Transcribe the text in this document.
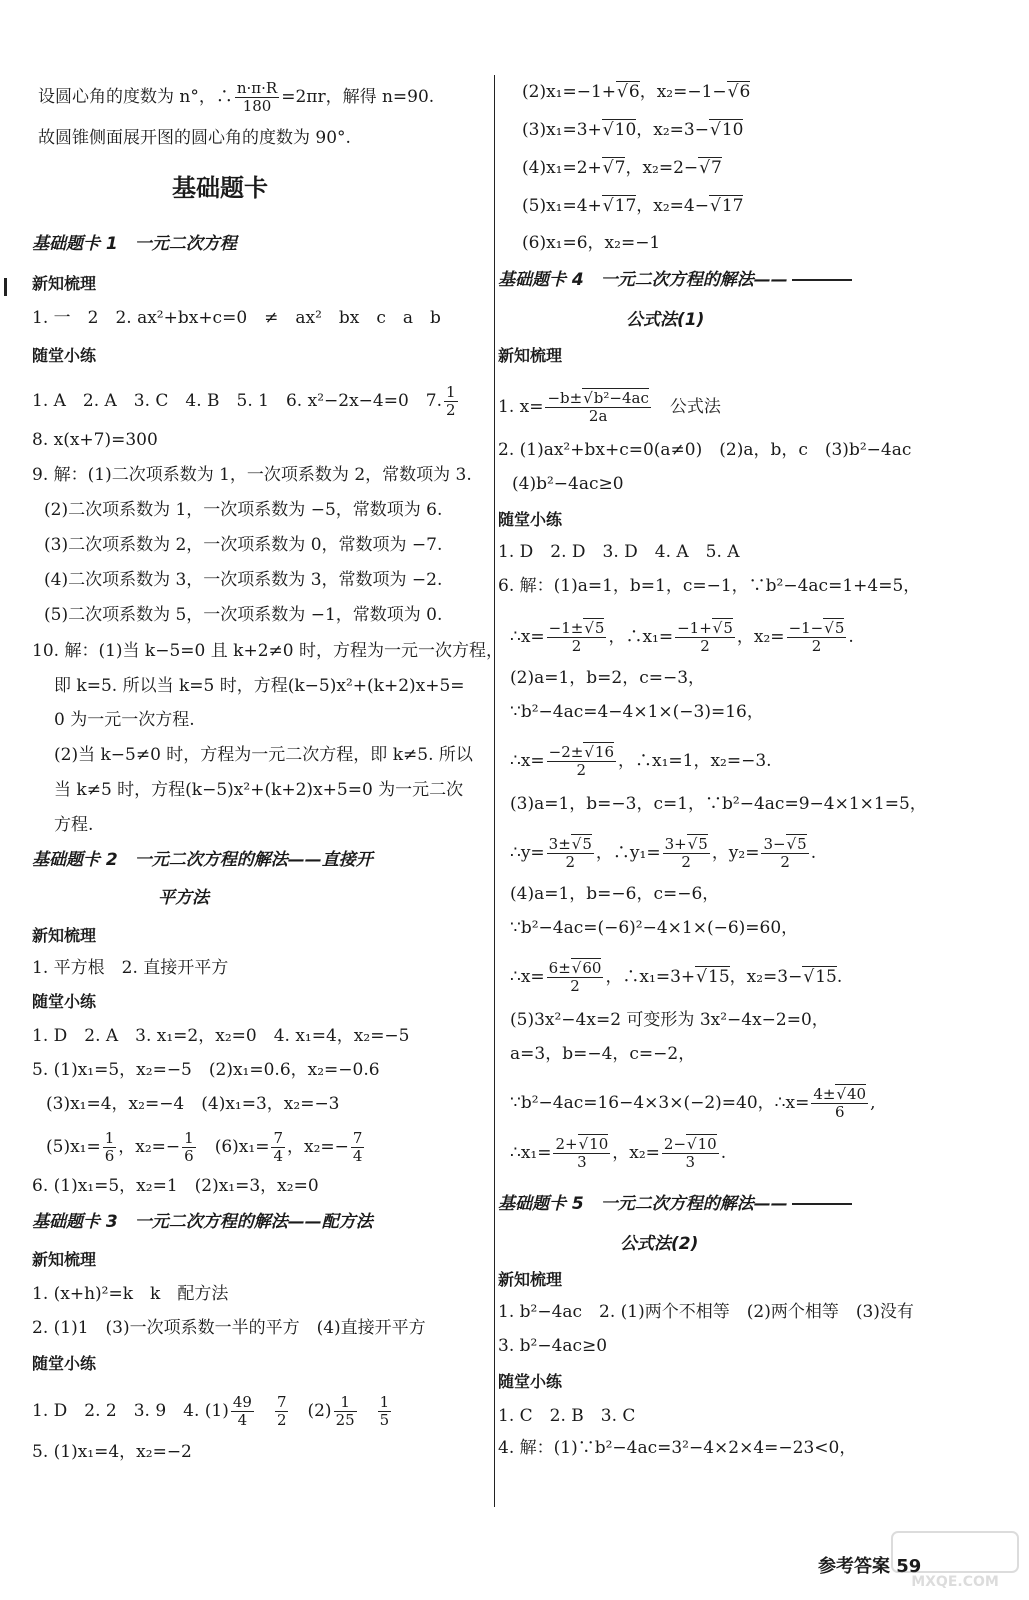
设圆心角的度数为 n°，∴ $\frac{n\cdot\pi\cdot R}{180} =2\pi r$，解得 n=90.
故圆锥侧面展开图的圆心角的度数为 90°.
基础题卡
基础题卡 1　一元二次方程
新知梳理
1. 一　2　2. ax²+bx+c=0　≠　ax²　bx　c　a　b
随堂小练
1. A　2. A　3. C　4. B　5. 1　6. x²−2x−4=0　7. $\frac{1}{2}$
8. x(x+7)=300
9. 解：(1)二次项系数为 1，一次项系数为 2，常数项为 3.
(2)二次项系数为 1，一次项系数为 −5，常数项为 6.
(3)二次项系数为 2，一次项系数为 0，常数项为 −7.
(4)二次项系数为 3，一次项系数为 3，常数项为 −2.
(5)二次项系数为 5，一次项系数为 −1，常数项为 0.
10. 解：(1)当 k−5=0 且 k+2≠0 时，方程为一元一次方程，
即 k=5. 所以当 k=5 时，方程(k−5)x²+(k+2)x+5=
0 为一元一次方程.
(2)当 k−5≠0 时，方程为一元二次方程，即 k≠5. 所以
当 k≠5 时，方程(k−5)x²+(k+2)x+5=0 为一元二次
方程.
基础题卡 2　一元二次方程的解法——直接开
平方法
新知梳理
1. 平方根　2. 直接开平方
随堂小练
1. D　2. A　3. x₁=2，x₂=0　4. x₁=4，x₂=−5
5. (1)x₁=5，x₂=−5　(2)x₁=0.6，x₂=−0.6
(3)x₁=4，x₂=−4　(4)x₁=3，x₂=−3
$(5)x_1= \frac{1}{6}$ ，$x_2=- \frac{1}{6}$ 　$(6)x_1= \frac{7}{4}$ ，$x_2=- \frac{7}{4}$
6. (1)x₁=5，x₂=1　(2)x₁=3，x₂=0
基础题卡 3　一元二次方程的解法——配方法
新知梳理
1. (x+h)²=k　k　配方法
2. (1)1　(3)一次项系数一半的平方　(4)直接开平方
随堂小练
1. D　2. 2　3. 9　4. $(1) \frac{49}{4}$
　 $\frac{7}{2}$ 　$(2) \frac{1}{25}$
　 $\frac{1}{5}$
5. (1)x₁=4，x₂=−2
(2)x₁=−1+ √ 6，x₂=−1− √ 6
(3)x₁=3+ √ 10，x₂=3− √ 10
(4)x₁=2+ √ 7，x₂=2− √ 7
(5)x₁=4+ √ 17，x₂=4− √ 17
(6)x₁=6，x₂=−1
基础题卡 4　一元二次方程的解法——
公式法(1)
新知梳理
1. $x= \frac{\text{−b± √ b²−4ac}}{2a}$ 　公式法
2. (1)ax²+bx+c=0(a≠0)　(2)a，b，c　(3)b²−4ac
(4)b²−4ac≥0
随堂小练
1. D　2. D　3. D　4. A　5. A
6. 解：(1)a=1，b=1，c=−1，∵b²−4ac=1+4=5，
∴x= $\frac{-1\pm √ 5}{2}$ ，∴x₁= $\frac{-1+ √ 5}{2}$ ，$x_2= \frac{-1- √ 5}{2}$ .
(2)a=1，b=2，c=−3，
∵b²−4ac=4−4×1×(−3)=16，
∴x= $\frac{-2\pm √ 16}{2}$ ，∴x₁=1，x₂=−3.
(3)a=1，b=−3，c=1，∵b²−4ac=9−4×1×1=5，
∴y= $\frac{3\pm √ 5}{2}$ ，∴y₁= $\frac{3+ √ 5}{2}$ ，$y_2= \frac{3- √ 5}{2}$ .
(4)a=1，b=−6，c=−6，
∵b²−4ac=(−6)²−4×1×(−6)=60，
∴x= $\frac{6\pm √ 60}{2}$ ，∴x₁=3+ √ 15，x₂=3− √ 15.
(5)3x²−4x=2 可变形为 3x²−4x−2=0，
a=3，b=−4，c=−2，
∵b²−4ac=16−4×3×(−2)=40，∴x= $\frac{4\pm √ 40}{6}$ ,
∴x₁= $\frac{2+ √ 10}{3}$ ，$x_2= \frac{2- √ 10}{3}$ .
基础题卡 5　一元二次方程的解法——
公式法(2)
新知梳理
1. b²−4ac　2. (1)两个不相等　(2)两个相等　(3)没有
3. b²−4ac≥0
随堂小练
1. C　2. B　3. C
4. 解：(1)∵b²−4ac=3²−4×2×4=−23<0，
参考答案 59
MXQE.COM
